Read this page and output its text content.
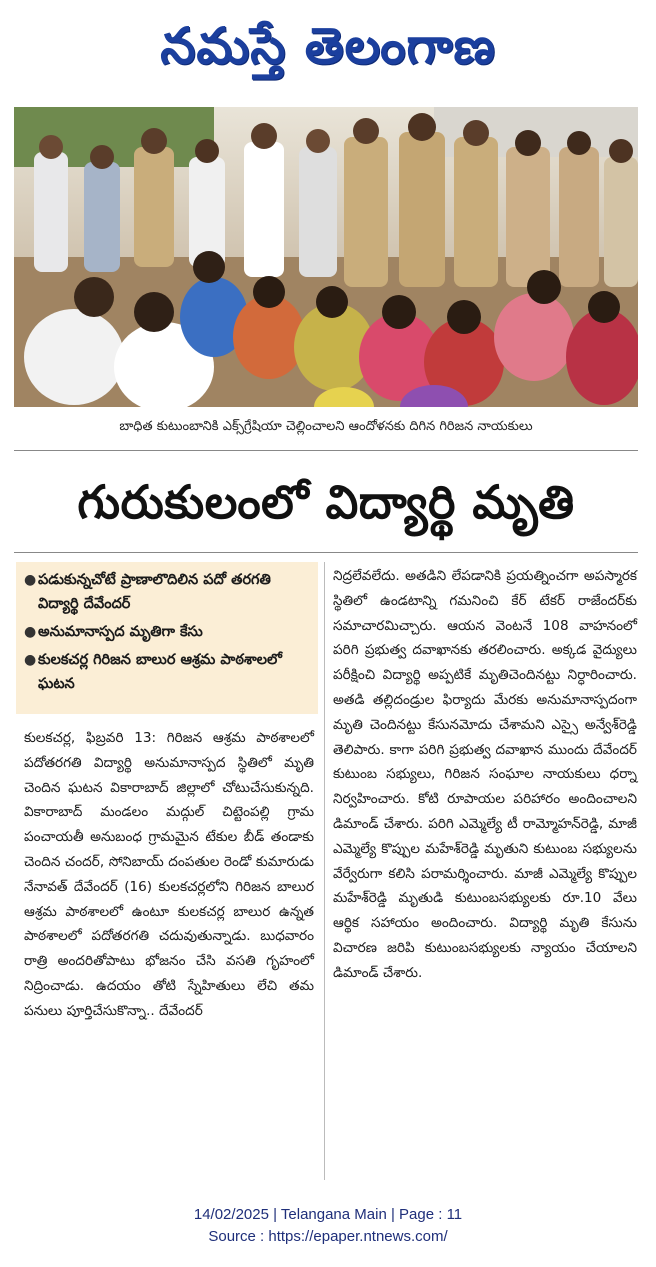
నమస్తే తెలంగాణ
బాధిత కుటుంబానికి ఎక్స్‌గ్రేషియా చెల్లించాలని ఆందోళనకు దిగిన గిరిజన నాయకులు
గురుకులంలో విద్యార్థి మృతి
● పడుకున్నచోటే ప్రాణాలొదిలిన పదో తరగతి విద్యార్థి దేవేందర్
● అనుమానాస్పద మృతిగా కేసు
● కులకచర్ల గిరిజన బాలుర ఆశ్రమ పాఠశాలలో ఘటన

కులకచర్ల, ఫిబ్రవరి 13: గిరిజన ఆశ్రమ పాఠశాలలో పదోతరగతి విద్యార్థి అనుమానాస్పద స్థితిలో మృతి చెందిన ఘటన వికారాబాద్ జిల్లాలో చోటుచేసుకున్నది. వికారాబాద్ మండలం మద్గుల్ చిట్టెంపల్లి గ్రామ పంచాయతీ అనుబంధ గ్రామమైన టేకుల బీడ్ తండాకు చెందిన చందర్, సోనిబాయ్ దంపతుల రెండో కుమారుడు నేనావత్ దేవేందర్ (16) కులకచర్లలోని గిరిజన బాలుర ఆశ్రమ పాఠశాలలో ఉంటూ కులకచర్ల బాలుర ఉన్నత పాఠశాలలో పదోతరగతి చదువుతున్నాడు. బుధవారం రాత్రి అందరితోపాటు భోజనం చేసి వసతి గృహంలో నిద్రించాడు. ఉదయం తోటి స్నేహితులు లేచి తమ పనులు పూర్తిచేసుకొన్నా.. దేవేందర్

నిద్రలేవలేదు. అతడిని లేపడానికి ప్రయత్నించగా అపస్మారక స్థితిలో ఉండటాన్ని గమనించి కేర్ టేకర్ రాజేందర్‌కు సమాచారమిచ్చారు. ఆయన వెంటనే 108 వాహనంలో పరిగి ప్రభుత్వ దవాఖానకు తరలించారు. అక్కడ వైద్యులు పరీక్షించి విద్యార్థి అప్పటికే మృతిచెందినట్టు నిర్ధారించారు. అతడి తల్లిదండ్రుల ఫిర్యాదు మేరకు అనుమానాస్పదంగా మృతి చెందినట్టు కేసునమోదు చేశామని ఎస్సై అన్వేశ్‌రెడ్డి తెలిపారు. కాగా పరిగి ప్రభుత్వ దవాఖాన ముందు దేవేందర్ కుటుంబ సభ్యులు, గిరిజన సంఘాల నాయకులు ధర్నా నిర్వహించారు. కోటి రూపాయల పరిహారం అందించాలని డిమాండ్ చేశారు. పరిగి ఎమ్మెల్యే టీ రామ్మోహన్‌రెడ్డి, మాజీ ఎమ్మెల్యే కొప్పుల మహేశ్‌రెడ్డి మృతుని కుటుంబ సభ్యులను వేర్వేరుగా కలిసి పరామర్శించారు. మాజీ ఎమ్మెల్యే కొప్పుల మహేశ్‌రెడ్డి మృతుడి కుటుంబసభ్యులకు రూ.10 వేలు ఆర్థిక సహాయం అందించారు. విద్యార్థి మృతి కేసును విచారణ జరిపి కుటుంబసభ్యులకు న్యాయం చేయాలని డిమాండ్ చేశారు.

14/02/2025 | Telangana Main | Page : 11
Source : https://epaper.ntnews.com/
